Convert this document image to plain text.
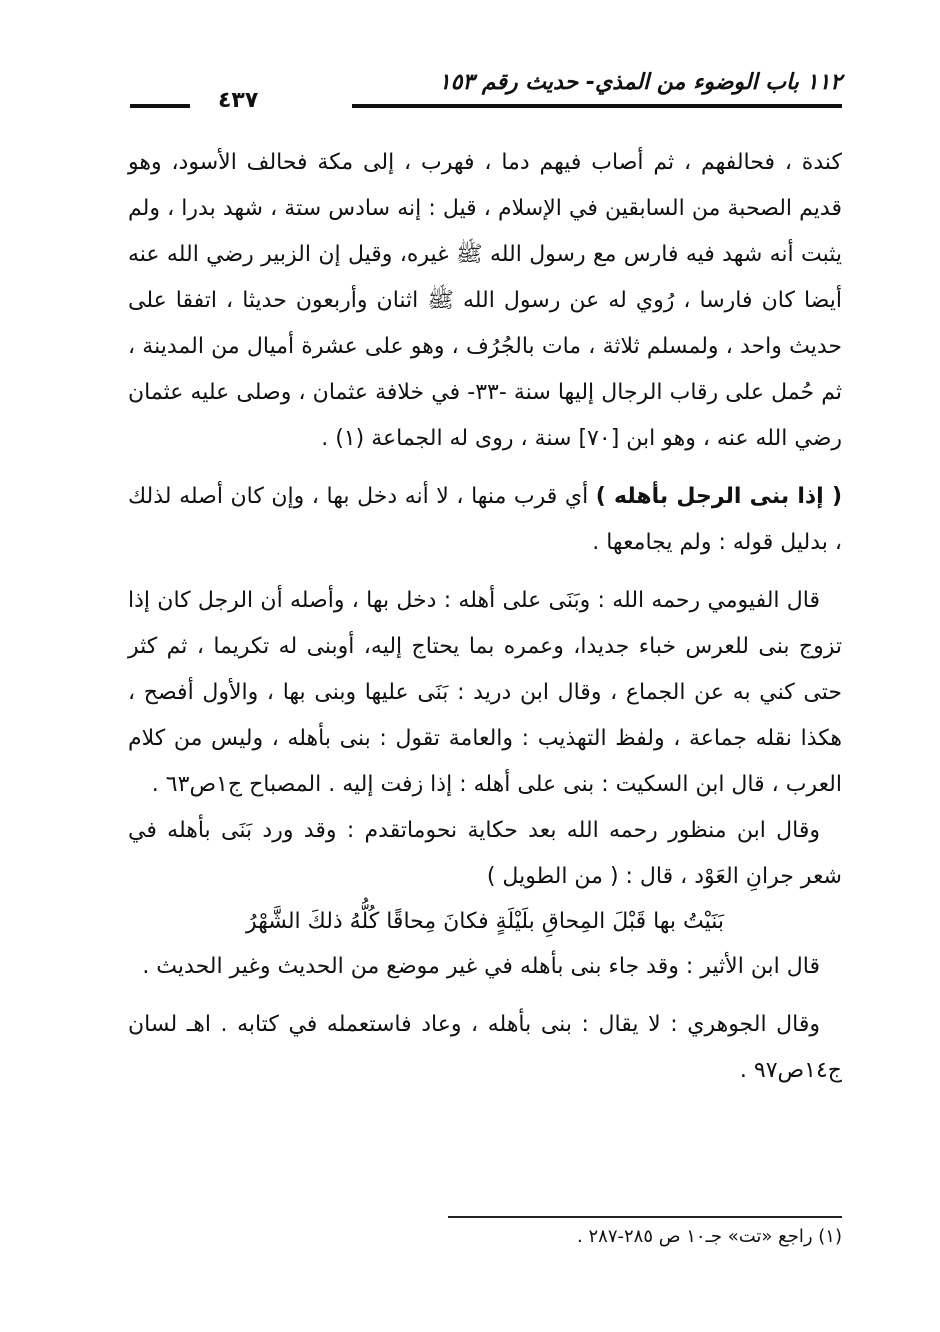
١١٢ باب الوضوء من المذي- حديث رقم ١٥٣
٤٣٧

كندة ، فحالفهم ، ثم أصاب فيهم دما ، فهرب ، إلى مكة فحالف الأسود، وهو قديم الصحبة من السابقين في الإسلام ، قيل : إنه سادس ستة ، شهد بدرا ، ولم يثبت أنه شهد فيه فارس مع رسول الله ﷺ غيره، وقيل إن الزبير رضي الله عنه أيضا كان فارسا ، رُوي له عن رسول الله ﷺ اثنان وأربعون حديثا ، اتفقا على حديث واحد ، ولمسلم ثلاثة ، مات بالجُرُف ، وهو على عشرة أميال من المدينة ، ثم حُمل على رقاب الرجال إليها سنة -٣٣- في خلافة عثمان ، وصلى عليه عثمان رضي الله عنه ، وهو ابن [٧٠] سنة ، روى له الجماعة (١) .

( إذا بنى الرجل بأهله ) أي قرب منها ، لا أنه دخل بها ، وإن كان أصله لذلك ، بدليل قوله : ولم يجامعها .

قال الفيومي رحمه الله : وبَنَى على أهله : دخل بها ، وأصله أن الرجل كان إذا تزوج بنى للعرس خباء جديدا، وعمره بما يحتاج إليه، أوبنى له تكريما ، ثم كثر حتى كني به عن الجماع ، وقال ابن دريد : بَنَى عليها وبنى بها ، والأول أفصح ، هكذا نقله جماعة ، ولفظ التهذيب : والعامة تقول : بنى بأهله ، وليس من كلام العرب ، قال ابن السكيت : بنى على أهله : إذا زفت إليه . المصباح ج١ص٦٣ .

وقال ابن منظور رحمه الله بعد حكاية نحوماتقدم : وقد ورد بَنَى بأهله في شعر جرانِ العَوْد ، قال : ( من الطويل )

بَنَيْتُ بها قَبْلَ المِحاقِ بلَيْلَةٍ فكانَ مِحاقًا كُلُّهُ ذلكَ الشَّهْرُ

قال ابن الأثير : وقد جاء بنى بأهله في غير موضع من الحديث وغير الحديث .

وقال الجوهري : لا يقال : بنى بأهله ، وعاد فاستعمله في كتابه . اهـ لسان ج١٤ص٩٧ .

(١) راجع «تت» جـ١٠ ص ٢٨٥-٢٨٧ .
